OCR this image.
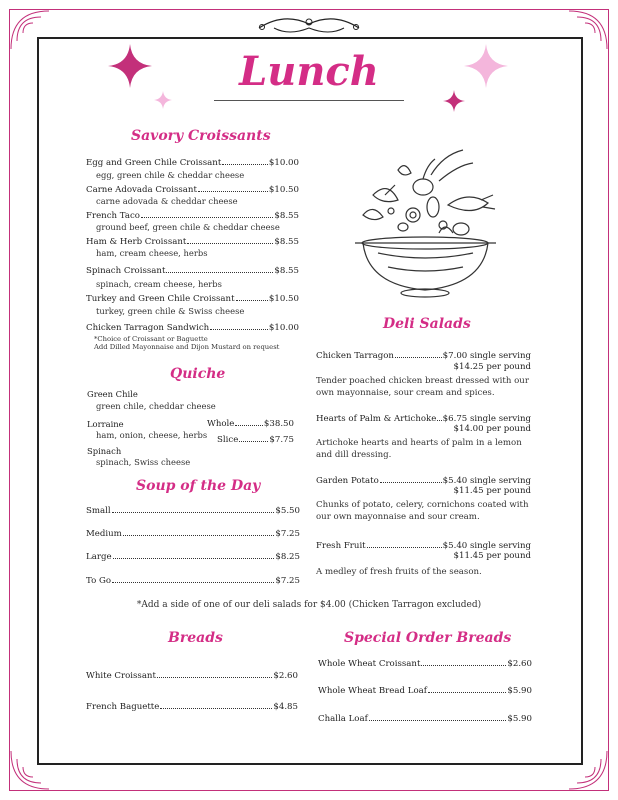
Lunch
Savory Croissants
Egg and Green Chile Croissant	$10.00
egg, green chile & cheddar cheese
Carne Adovada Croissant	$10.50
carne adovada & cheddar cheese
French Taco	$8.55
ground beef, green chile & cheddar cheese
Ham & Herb Croissant	$8.55
ham, cream cheese, herbs
Spinach Croissant	$8.55
spinach, cream cheese, herbs
Turkey and Green Chile Croissant	$10.50
turkey, green chile & Swiss cheese
Chicken Tarragon Sandwich	$10.00
*Choice of Croissant or Baguette
Add Dilled Mayonnaise and Dijon Mustard on request
Quiche
Green Chile
green chile, cheddar cheese
Lorraine
ham, onion, cheese, herbs
Whole	$38.50
Slice	$7.75
Spinach
spinach, Swiss cheese
Soup of the Day
Small	$5.50
Medium	$7.25
Large	$8.25
To Go	$7.25
Deli Salads
Chicken Tarragon	$7.00 single serving
$14.25 per pound
Tender poached chicken breast dressed with our own mayonnaise, sour cream and spices.
Hearts of Palm & Artichoke $6.75 single serving
$14.00 per pound
Artichoke hearts and hearts of palm in a lemon and dill dressing.
Garden Potato	$5.40 single serving
$11.45 per pound
Chunks of potato, celery, cornichons coated with our own mayonnaise and sour cream.
Fresh Fruit	$5.40 single serving
$11.45 per pound
A medley of fresh fruits of the season.
*Add a side of one of our deli salads for $4.00 (Chicken Tarragon excluded)
Breads
White Croissant	$2.60
French Baguette	$4.85
Special Order Breads
Whole Wheat Croissant	$2.60
Whole Wheat Bread Loaf	$5.90
Challa Loaf	$5.90
